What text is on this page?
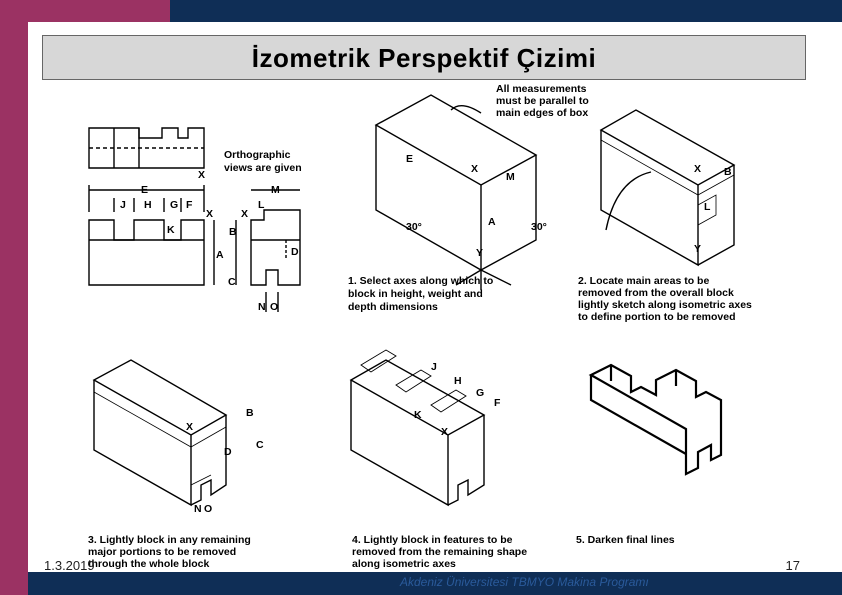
İzometrik Perspektif Çizimi
X
E
J H G F
X
K
A
X
L
M
B
D
C
N O
E
X
M
A
30°	30°
Y
X B
L
Y
X
B
C
D
N O
J
H
G
F
K
X
Orthographic
views are given
All measurements
must be parallel to
main edges of box
1. Select axes along which to
block in height, weight and
depth dimensions
2. Locate main areas to be
removed from the overall block
lightly sketch along isometric axes
to define portion to be removed
3. Lightly block in any remaining
major portions to be removed
through the whole block
4. Lightly block in features to be
removed from the remaining shape
along isometric axes
5. Darken final lines
1.3.2019
Akdeniz Üniversitesi TBMYO Makina Programı
17
